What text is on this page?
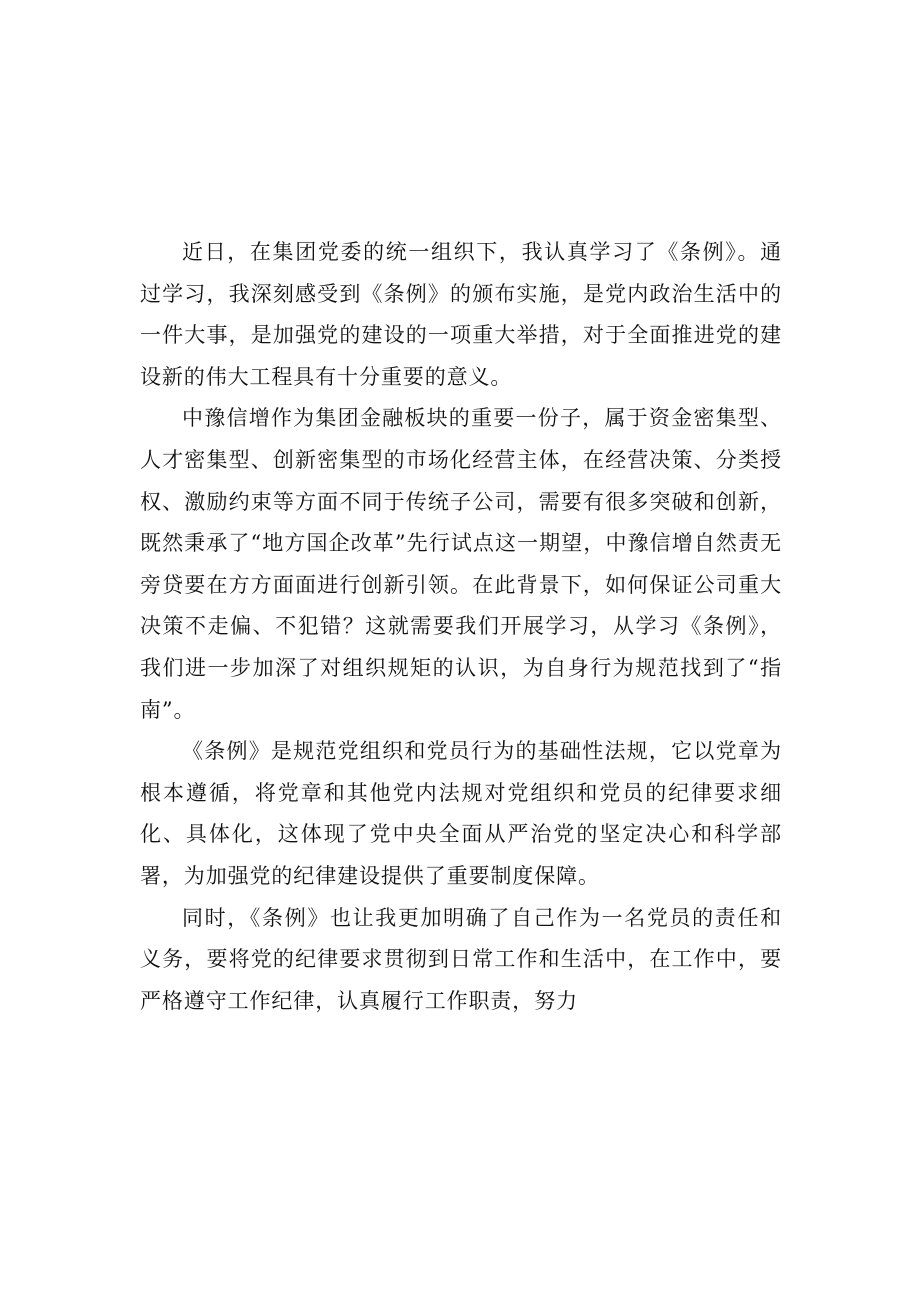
近日，在集团党委的统一组织下，我认真学习了《条例》。通过学习，我深刻感受到《条例》的颁布实施，是党内政治生活中的一件大事，是加强党的建设的一项重大举措，对于全面推进党的建设新的伟大工程具有十分重要的意义。

中豫信增作为集团金融板块的重要一份子，属于资金密集型、人才密集型、创新密集型的市场化经营主体，在经营决策、分类授权、激励约束等方面不同于传统子公司，需要有很多突破和创新，既然秉承了“地方国企改革”先行试点这一期望，中豫信增自然责无旁贷要在方方面面进行创新引领。在此背景下，如何保证公司重大决策不走偏、不犯错？这就需要我们开展学习，从学习《条例》，我们进一步加深了对组织规矩的认识，为自身行为规范找到了“指南”。

《条例》是规范党组织和党员行为的基础性法规，它以党章为根本遵循，将党章和其他党内法规对党组织和党员的纪律要求细化、具体化，这体现了党中央全面从严治党的坚定决心和科学部署，为加强党的纪律建设提供了重要制度保障。

同时，《条例》也让我更加明确了自己作为一名党员的责任和义务，要将党的纪律要求贯彻到日常工作和生活中，在工作中，要严格遵守工作纪律，认真履行工作职责，努力
